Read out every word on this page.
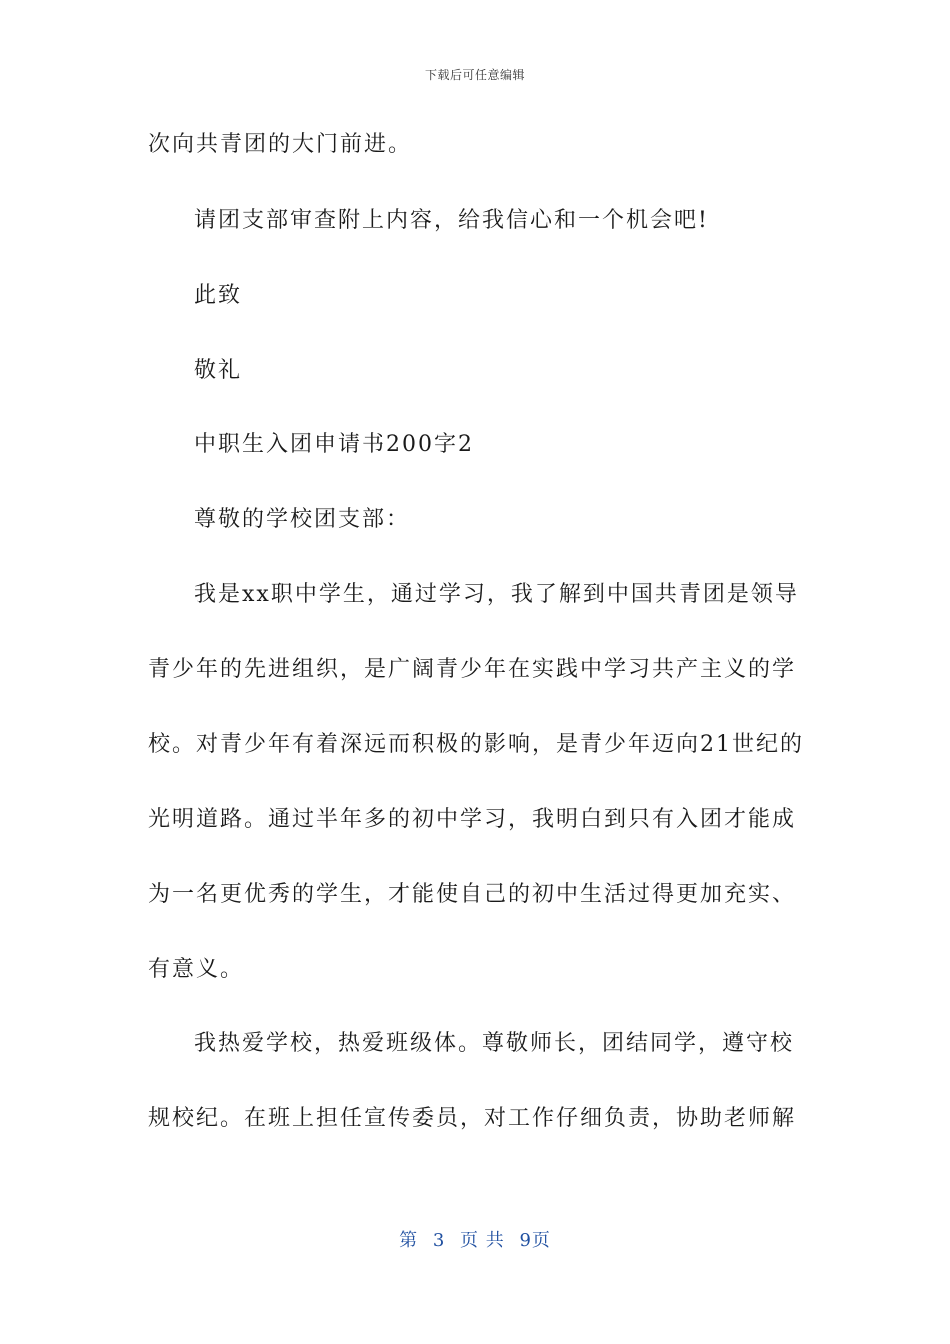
下载后可任意编辑
次向共青团的大门前进。
请团支部审查附上内容，给我信心和一个机会吧!
此致
敬礼
中职生入团申请书200字2
尊敬的学校团支部：
我是xx职中学生，通过学习，我了解到中国共青团是领导
青少年的先进组织，是广阔青少年在实践中学习共产主义的学
校。对青少年有着深远而积极的影响，是青少年迈向21世纪的
光明道路。通过半年多的初中学习，我明白到只有入团才能成
为一名更优秀的学生，才能使自己的初中生活过得更加充实、
有意义。
我热爱学校，热爱班级体。尊敬师长，团结同学，遵守校
规校纪。在班上担任宣传委员，对工作仔细负责，协助老师解
第 3 页 共 9页
